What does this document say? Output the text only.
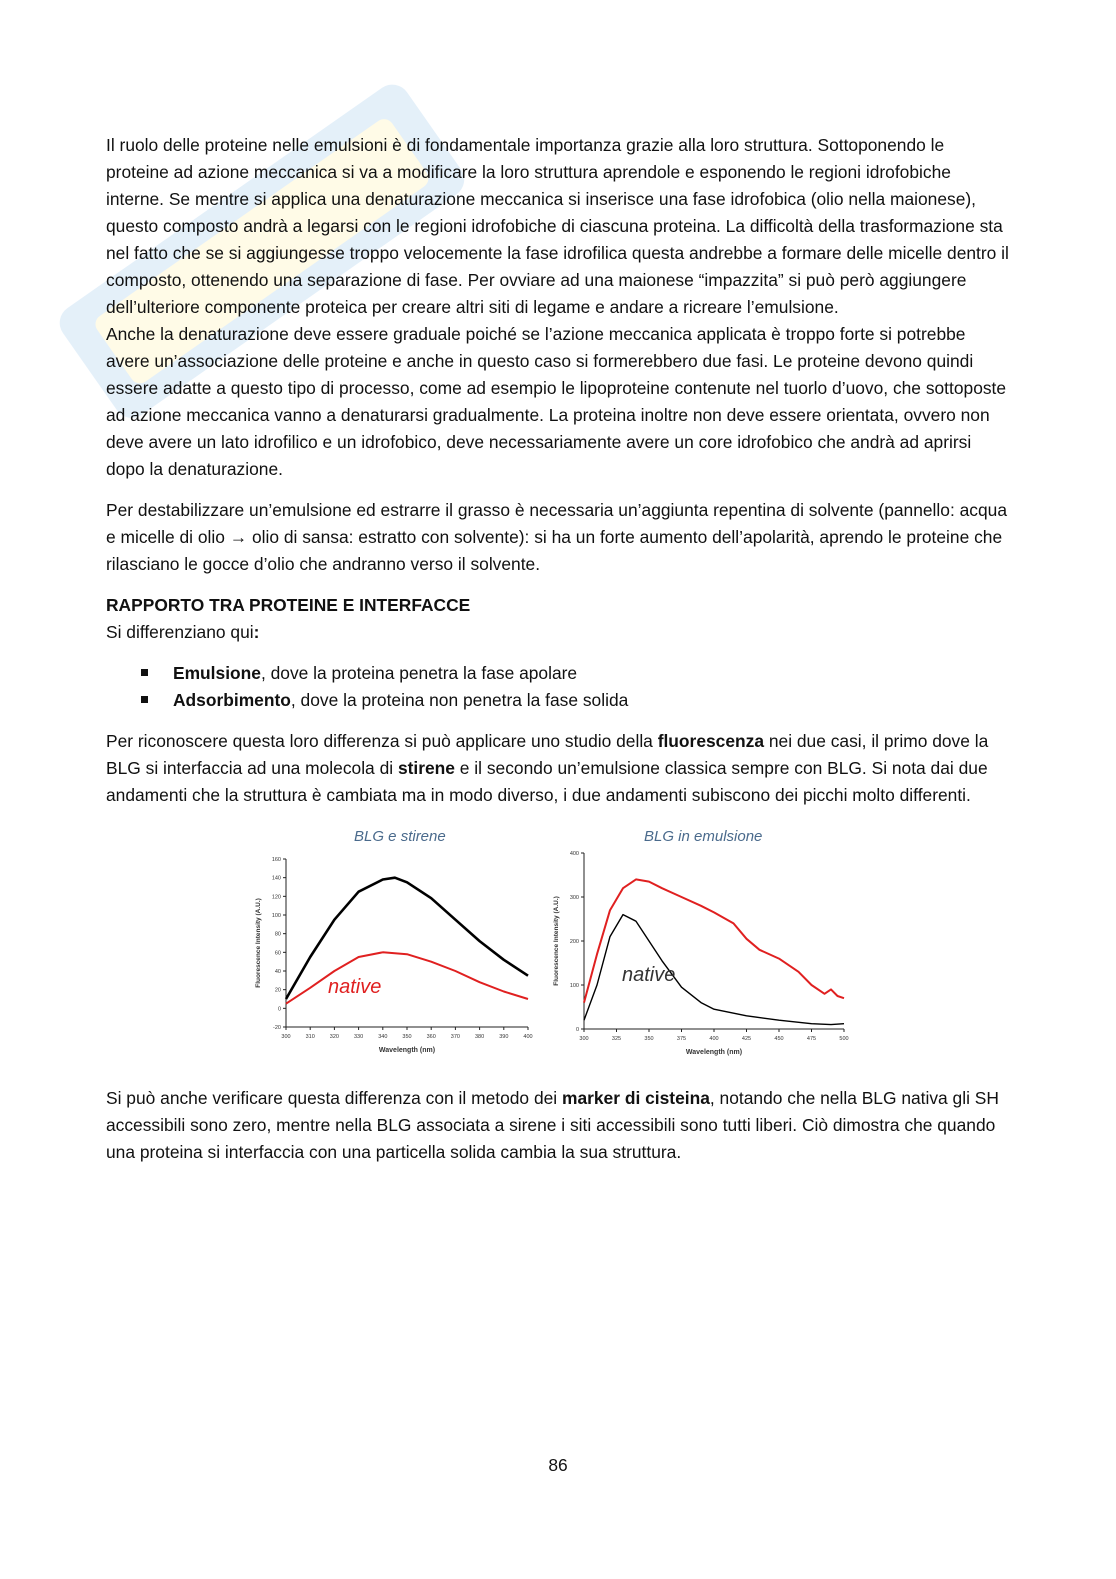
Il ruolo delle proteine nelle emulsioni è di fondamentale importanza grazie alla loro struttura. Sottoponendo le proteine ad azione meccanica si va a modificare la loro struttura aprendole e esponendo le regioni idrofobiche interne. Se mentre si applica una denaturazione meccanica si inserisce una fase idrofobica (olio nella maionese), questo composto andrà a legarsi con le regioni idrofobiche di ciascuna proteina. La difficoltà della trasformazione sta nel fatto che se si aggiungesse troppo velocemente la fase idrofilica questa andrebbe a formare delle micelle dentro il composto, ottenendo una separazione di fase. Per ovviare ad una maionese “impazzita” si può però aggiungere dell’ulteriore componente proteica per creare altri siti di legame e andare a ricreare l’emulsione.

Anche la denaturazione deve essere graduale poiché se l’azione meccanica applicata è troppo forte si potrebbe avere un’associazione delle proteine e anche in questo caso si formerebbero due fasi. Le proteine devono quindi essere adatte a questo tipo di processo, come ad esempio le lipoproteine contenute nel tuorlo d’uovo, che sottoposte ad azione meccanica vanno a denaturarsi gradualmente. La proteina inoltre non deve essere orientata, ovvero non deve avere un lato idrofilico e un idrofobico, deve necessariamente avere un core idrofobico che andrà ad aprirsi dopo la denaturazione.

Per destabilizzare un’emulsione ed estrarre il grasso è necessaria un’aggiunta repentina di solvente (pannello: acqua e micelle di olio → olio di sansa: estratto con solvente): si ha un forte aumento dell’apolarità, aprendo le proteine che rilasciano le gocce d’olio che andranno verso il solvente.

RAPPORTO TRA PROTEINE E INTERFACCE

Si differenziano qui:

Emulsione, dove la proteina penetra la fase apolare
Adsorbimento, dove la proteina non penetra la fase solida

Per riconoscere questa loro differenza si può applicare uno studio della fluorescenza nei due casi, il primo dove la BLG si interfaccia ad una molecola di stirene e il secondo un’emulsione classica sempre con BLG. Si nota dai due andamenti che la struttura è cambiata ma in modo diverso, i due andamenti subiscono dei picchi molto differenti.

BLG e stirene	BLG in emulsione
-20
0
20
40
60
80
100
120
140
160
300	310	320	330	340	350	360	370	380	390	400
Wavelength (nm)
Fluorescence Intensity (A.U.)	native
0
100
200
300
400
300	325	350	375	400	425	450	475	500
Wavelength (nm)
Fluorescence Intensity (A.U.)	native

Si può anche verificare questa differenza con il metodo dei marker di cisteina, notando che nella BLG nativa gli SH accessibili sono zero, mentre nella BLG associata a sirene i siti accessibili sono tutti liberi. Ciò dimostra che quando una proteina si interfaccia con una particella solida cambia la sua struttura.

86
